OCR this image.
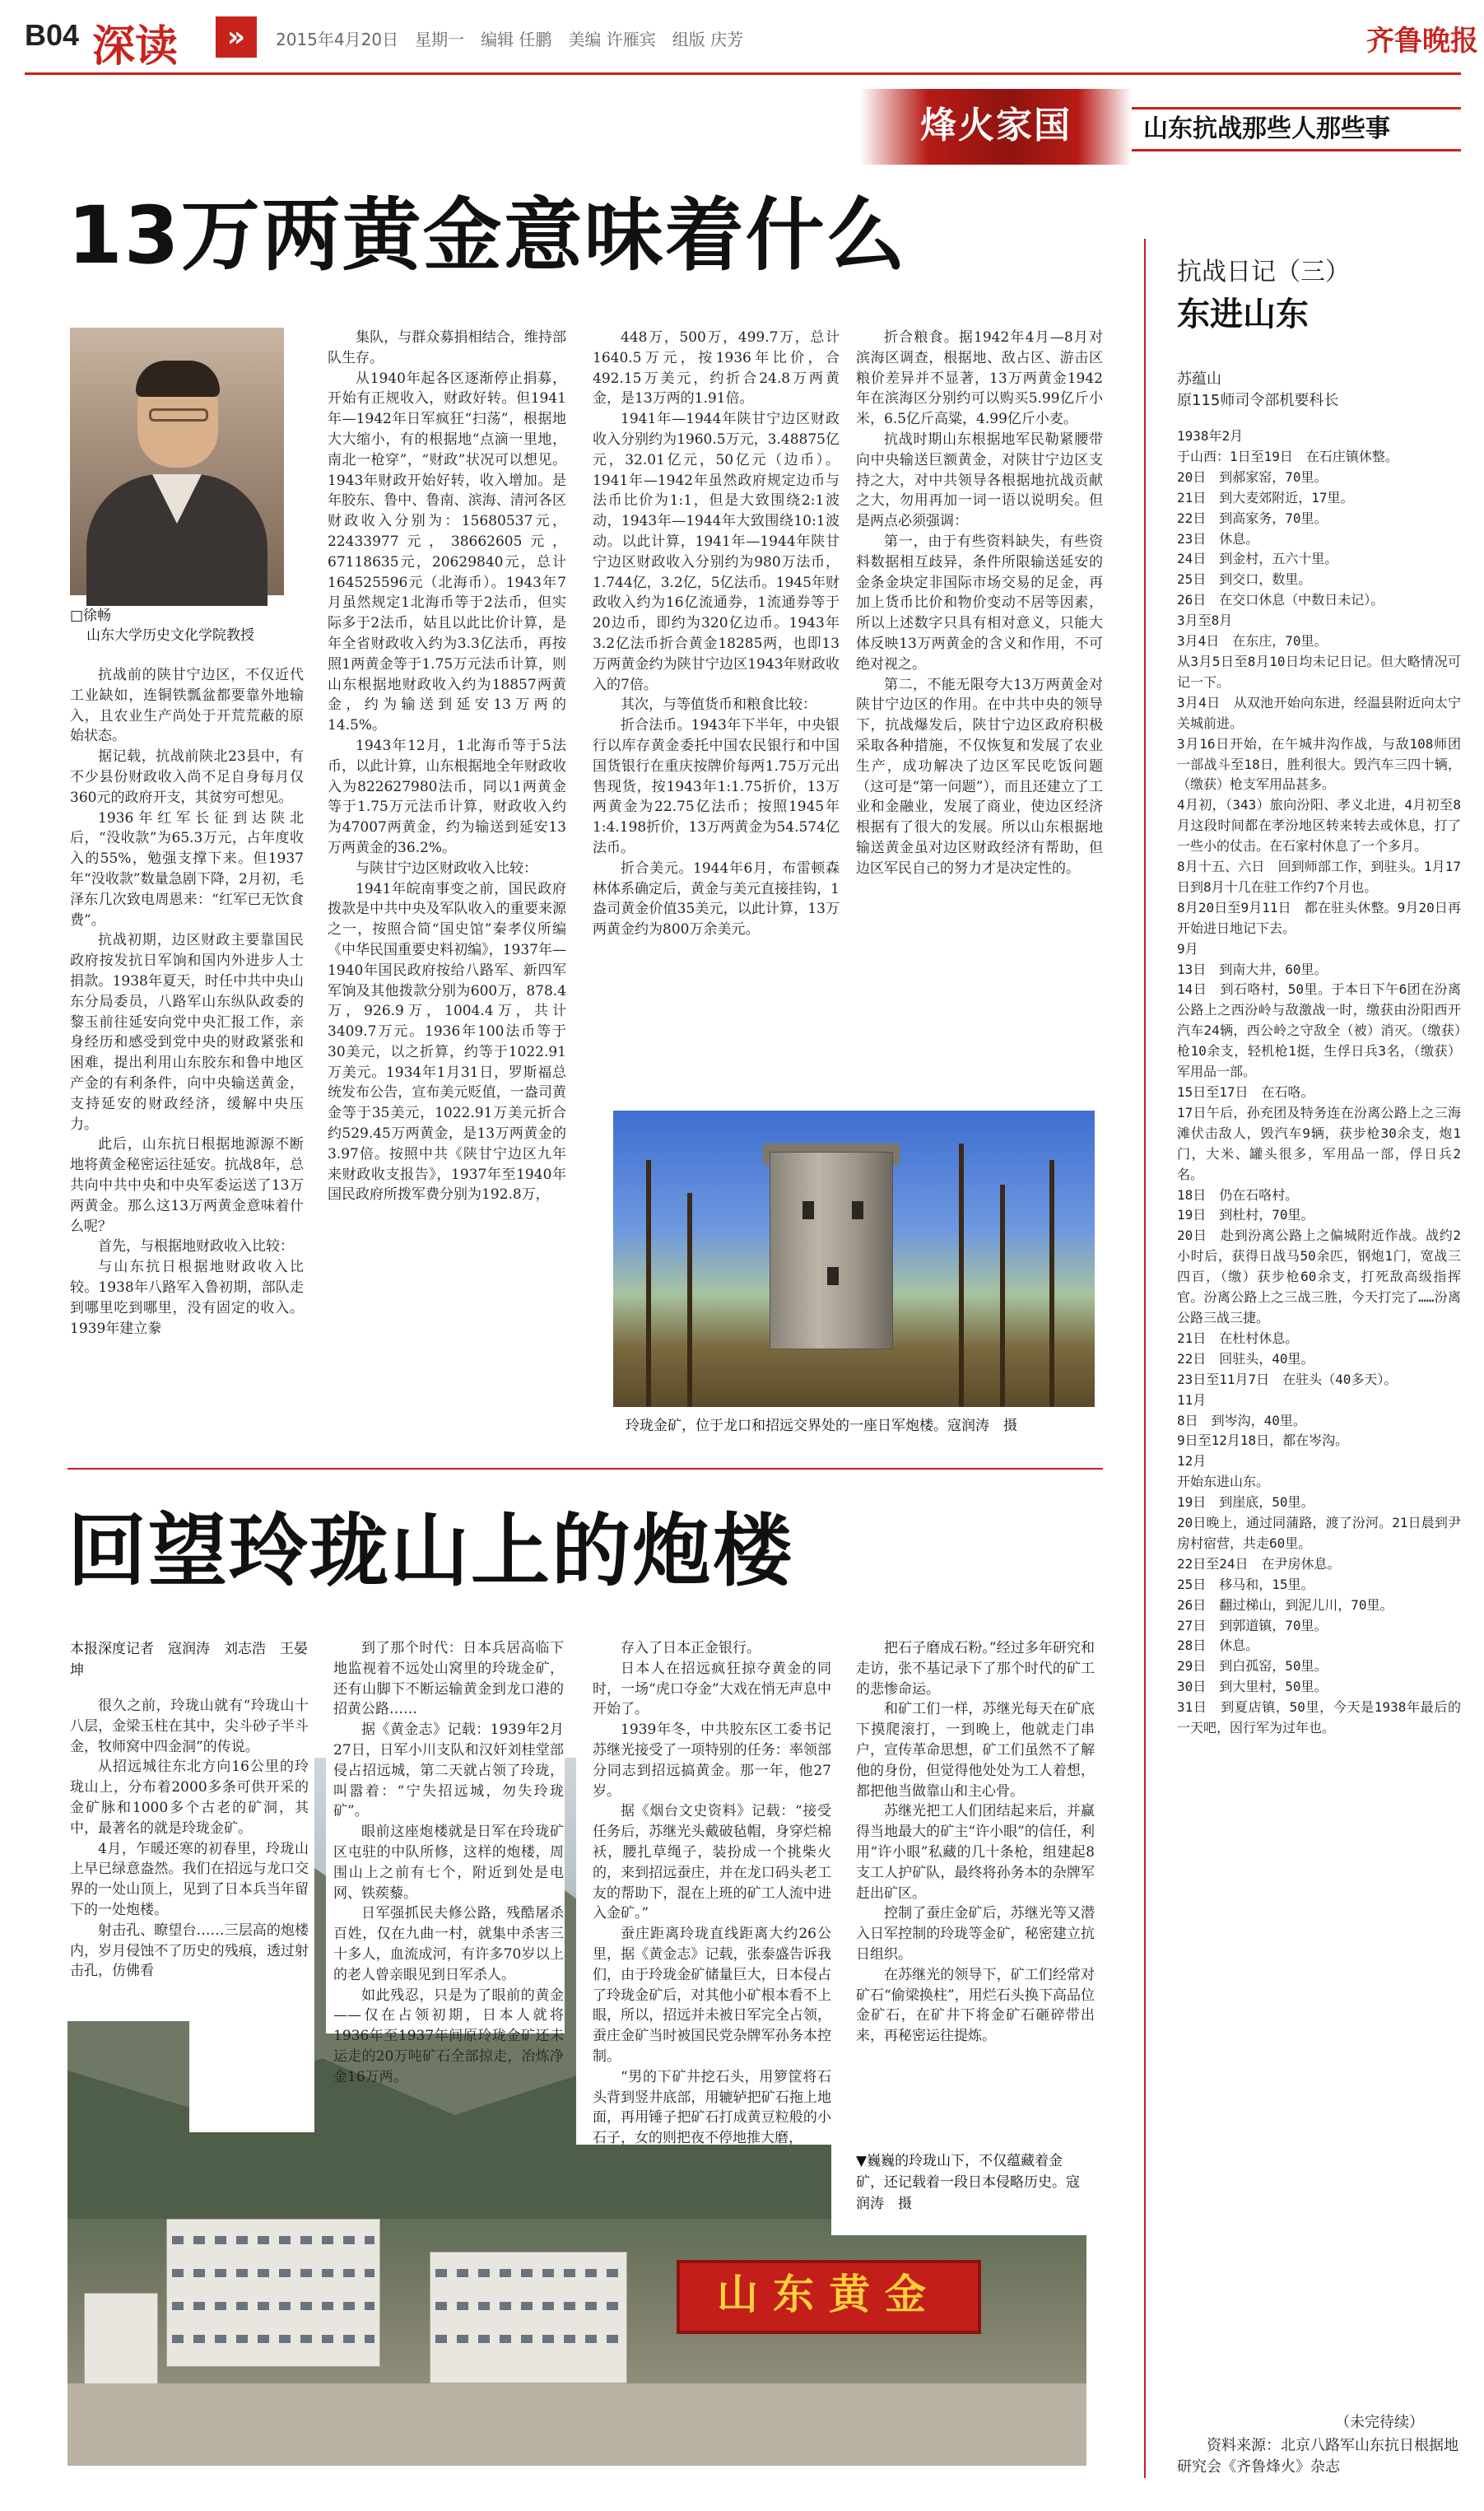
B04 深读	»	2015年4月20日　星期一　编辑 任鹏　美编 许雁宾　组版 庆芳	齐鲁晚报
烽火家国	山东抗战那些人那些事
13万两黄金意味着什么
□徐畅
山东大学历史文化学院教授

抗战前的陕甘宁边区，不仅近代工业缺如，连铜铁瓢盆都要靠外地输入，且农业生产尚处于开荒荒蔽的原始状态。

据记载，抗战前陕北23县中，有不少县份财政收入尚不足自身每月仅360元的政府开支，其贫穷可想见。

1936年红军长征到达陕北后，“没收款”为65.3万元，占年度收入的55%，勉强支撑下来。但1937年“没收款”数量急剧下降，2月初，毛泽东几次致电周恩来：“红军已无饮食费”。

抗战初期，边区财政主要靠国民政府按发抗日军饷和国内外进步人士捐款。1938年夏天，时任中共中央山东分局委员，八路军山东纵队政委的黎玉前往延安向党中央汇报工作，亲身经历和感受到党中央的财政紧张和困难，提出利用山东胶东和鲁中地区产金的有利条件，向中央输送黄金，支持延安的财政经济，缓解中央压力。

此后，山东抗日根据地源源不断地将黄金秘密运往延安。抗战8年，总共向中共中央和中央军委运送了13万两黄金。那么这13万两黄金意味着什么呢？

首先，与根据地财政收入比较：

与山东抗日根据地财政收入比较。1938年八路军入鲁初期，部队走到哪里吃到哪里，没有固定的收入。1939年建立豢

集队，与群众募捐相结合，维持部队生存。

从1940年起各区逐渐停止捐募，开始有正规收入，财政好转。但1941年—1942年日军疯狂“扫荡”，根据地大大缩小，有的根据地“点滴一里地，南北一枪穿”，“财政”状况可以想见。1943年财政开始好转，收入增加。是年胶东、鲁中、鲁南、滨海、清河各区财政收入分别为：15680537元，22433977元，38662605元，67118635元，20629840元，总计164525596元（北海币）。1943年7月虽然规定1北海币等于2法币，但实际多于2法币，姑且以此比价计算，是年全省财政收入约为3.3亿法币，再按照1两黄金等于1.75万元法币计算，则山东根据地财政收入约为18857两黄金，约为输送到延安13万两的14.5%。

1943年12月，1北海币等于5法币，以此计算，山东根据地全年财政收入为822627980法币，同以1两黄金等于1.75万元法币计算，财政收入约为47007两黄金，约为输送到延安13万两黄金的36.2%。

与陕甘宁边区财政收入比较：

1941年皖南事变之前，国民政府拨款是中共中央及军队收入的重要来源之一，按照合简“国史馆”秦孝仪所编《中华民国重要史料初编》，1937年—1940年国民政府按给八路军、新四军军饷及其他拨款分别为600万，878.4万，926.9万，1004.4万，共计3409.7万元。1936年100法币等于30美元，以之折算，约等于1022.91万美元。1934年1月31日，罗斯福总统发布公告，宣布美元贬值，一盎司黄金等于35美元，1022.91万美元折合约529.45万两黄金，是13万两黄金的3.97倍。按照中共《陕甘宁边区九年来财政收支报告》，1937年至1940年国民政府所拨军费分别为192.8万，

448万，500万，499.7万，总计1640.5万元，按1936年比价，合492.15万美元，约折合24.8万两黄金，是13万两的1.91倍。

1941年—1944年陕甘宁边区财政收入分别约为1960.5万元，3.48875亿元，32.01亿元，50亿元（边币）。1941年—1942年虽然政府规定边币与法币比价为1:1，但是大致围绕2:1波动，1943年—1944年大致围绕10:1波动。以此计算，1941年—1944年陕甘宁边区财政收入分别约为980万法币，1.744亿，3.2亿，5亿法币。1945年财政收入约为16亿流通券，1流通券等于20边币，即约为320亿边币。1943年3.2亿法币折合黄金18285两，也即13万两黄金约为陕甘宁边区1943年财政收入的7倍。

其次，与等值货币和粮食比较：

折合法币。1943年下半年，中央银行以库存黄金委托中国农民银行和中国国货银行在重庆按牌价每两1.75万元出售现货，按1943年1:1.75折价，13万两黄金为22.75亿法币；按照1945年1:4.198折价，13万两黄金为54.574亿法币。

折合美元。1944年6月，布雷顿森林体系确定后，黄金与美元直接挂钩，1盎司黄金价值35美元，以此计算，13万两黄金约为800万余美元。

折合粮食。据1942年4月—8月对滨海区调查，根据地、敌占区、游击区粮价差异并不显著，13万两黄金1942年在滨海区分别约可以购买5.99亿斤小米，6.5亿斤高粱，4.99亿斤小麦。

抗战时期山东根据地军民勒紧腰带向中央输送巨额黄金，对陕甘宁边区支持之大，对中共领导各根据地抗战贡献之大，勿用再加一词一语以说明矣。但是两点必须强调：

第一，由于有些资料缺失，有些资料数据相互歧异，条件所限输送延安的金条金块定非国际市场交易的足金，再加上货币比价和物价变动不居等因素，所以上述数字只具有相对意义，只能大体反映13万两黄金的含义和作用，不可绝对视之。

第二，不能无限夸大13万两黄金对陕甘宁边区的作用。在中共中央的领导下，抗战爆发后，陕甘宁边区政府积极采取各种措施，不仅恢复和发展了农业生产，成功解决了边区军民吃饭问题（这可是“第一问题”），而且还建立了工业和金融业，发展了商业，使边区经济根据有了很大的发展。所以山东根据地输送黄金虽对边区财政经济有帮助，但边区军民自己的努力才是决定性的。

玲珑金矿，位于龙口和招远交界处的一座日军炮楼。寇润涛　摄
抗战日记（三）
东进山东
苏蕴山
原115师司令部机要科长

1938年2月

于山西：1日至19日　在石庄镇休整。

20日　到郝家窑，70里。

21日　到大麦郊附近，17里。

22日　到高家务，70里。

23日　休息。

24日　到金村，五六十里。

25日　到交口，数里。

26日　在交口休息（中数日未记）。

3月至8月

3月4日　在东庄，70里。

从3月5日至8月10日均未记日记。但大略情况可记一下。

3月4日　从双池开始向东进，经温县附近向太宁关城前进。

3月16日开始，在午城井沟作战，与敌108师团一部战斗至18日，胜利很大。毁汽车三四十辆，（缴获）枪支军用品甚多。

4月初，（343）旅向汾阳、孝义北进，4月初至8月这段时间都在孝汾地区转来转去或休息，打了一些小的仗击。在石家村休息了一个多月。

8月十五、六日　回到师部工作，到驻头。1月17日到8月十几在驻工作约7个月也。

8月20日至9月11日　都在驻头休整。9月20日再开始进日地记下去。

9月

13日　到南大井，60里。

14日　到石咯村，50里。于本日下午6团在汾离公路上之西汾岭与敌激战一时，缴获由汾阳西开汽车24辆，西公岭之守敌全（被）消灭。（缴获）枪10余支，轻机枪1挺，生俘日兵3名，（缴获）军用品一部。

15日至17日　在石咯。

17日午后，孙充团及特务连在汾离公路上之三海滩伏击敌人，毁汽车9辆，获步枪30余支，炮1门，大米、罐头很多，军用品一部，俘日兵2名。

18日　仍在石咯村。

19日　到杜村，70里。

20日　赴到汾离公路上之偏城附近作战。战约2小时后，获得日战马50余匹，钢炮1门，宽战三四百，（缴）获步枪60余支，打死敌高级指挥官。汾离公路上之三战三胜，今天打完了……汾离公路三战三捷。

21日　在杜村休息。

22日　回驻头，40里。

23日至11月7日　在驻头（40多天）。

11月

8日　到岑沟，40里。

9日至12月18日，都在岑沟。

12月

开始东进山东。

19日　到崖底，50里。

20日晚上，通过同蒲路，渡了汾河。21日晨到尹房村宿营，共走60里。

22日至24日　在尹房休息。

25日　移马和，15里。

26日　翻过梯山，到泥儿川，70里。

27日　到郭道镇，70里。

28日　休息。

29日　到白孤窑，50里。

30日　到大里村，50里。

31日　到夏店镇，50里，今天是1938年最后的一天吧，因行军为过年也。

（未完待续）
资料来源：北京八路军山东抗日根据地研究会《齐鲁烽火》杂志
回望玲珑山上的炮楼
本报深度记者　寇润涛　刘志浩　王晏坤
山东黄金

很久之前，玲珑山就有“玲珑山十八层，金梁玉柱在其中，尖斗砂子半斗金，牧师窝中四金洞”的传说。

从招远城往东北方向16公里的玲珑山上，分布着2000多条可供开采的金矿脉和1000多个古老的矿洞，其中，最著名的就是玲珑金矿。

4月，乍暖还寒的初春里，玲珑山上早已绿意盎然。我们在招远与龙口交界的一处山顶上，见到了日本兵当年留下的一处炮楼。

射击孔、瞭望台……三层高的炮楼内，岁月侵蚀不了历史的残痕，透过射击孔，仿佛看

到了那个时代：日本兵居高临下地监视着不远处山窝里的玲珑金矿，还有山脚下不断运输黄金到龙口港的招黄公路……

据《黄金志》记载：1939年2月27日，日军小川支队和汉奸刘桂堂部侵占招远城，第二天就占领了玲珑，叫嚣着：“宁失招远城，勿失玲珑矿”。

眼前这座炮楼就是日军在玲珑矿区屯驻的中队所修，这样的炮楼，周围山上之前有七个，附近到处是电网、铁蒺藜。

日军强抓民夫修公路，残酷屠杀百姓，仅在九曲一村，就集中杀害三十多人，血流成河，有许多70岁以上的老人曾亲眼见到日军杀人。

如此残忍，只是为了眼前的黄金——仅在占领初期，日本人就将1936年至1937年间原玲珑金矿还未运走的20万吨矿石全部掠走，冶炼净金16万两。

存入了日本正金银行。

日本人在招远疯狂掠夺黄金的同时，一场“虎口夺金”大戏在悄无声息中开始了。

1939年冬，中共胶东区工委书记苏继光接受了一项特别的任务：率领部分同志到招远搞黄金。那一年，他27岁。

据《烟台文史资料》记载：“接受任务后，苏继光头戴破毡帽，身穿烂棉袄，腰扎草绳子，装扮成一个挑柴火的，来到招远蚕庄，并在龙口码头老工友的帮助下，混在上班的矿工人流中进入金矿。”

蚕庄距离玲珑直线距离大约26公里，据《黄金志》记载，张泰盛告诉我们，由于玲珑金矿储量巨大，日本侵占了玲珑金矿后，对其他小矿根本看不上眼，所以，招远并未被日军完全占领，蚕庄金矿当时被国民党杂牌军孙务本控制。

“男的下矿井挖石头，用箩筐将石头背到竖井底部，用辘轳把矿石拖上地面，再用锤子把矿石打成黄豆粒般的小石子，女的则把夜不停地推大磨，

把石子磨成石粉。”经过多年研究和走访，张不基记录下了那个时代的矿工的悲惨命运。

和矿工们一样，苏继光每天在矿底下摸爬滚打，一到晚上，他就走门串户，宣传革命思想，矿工们虽然不了解他的身份，但觉得他处处为工人着想，都把他当做靠山和主心骨。

苏继光把工人们团结起来后，并赢得当地最大的矿主“许小眼”的信任，利用“许小眼”私藏的几十条枪，组建起8支工人护矿队，最终将孙务本的杂牌军赶出矿区。

控制了蚕庄金矿后，苏继光等又潜入日军控制的玲珑等金矿，秘密建立抗日组织。

在苏继光的领导下，矿工们经常对矿石“偷梁换柱”，用烂石头换下高品位金矿石，在矿井下将金矿石砸碎带出来，再秘密运往提炼。

▼巍巍的玲珑山下，不仅蕴藏着金矿，还记载着一段日本侵略历史。寇润涛　摄
